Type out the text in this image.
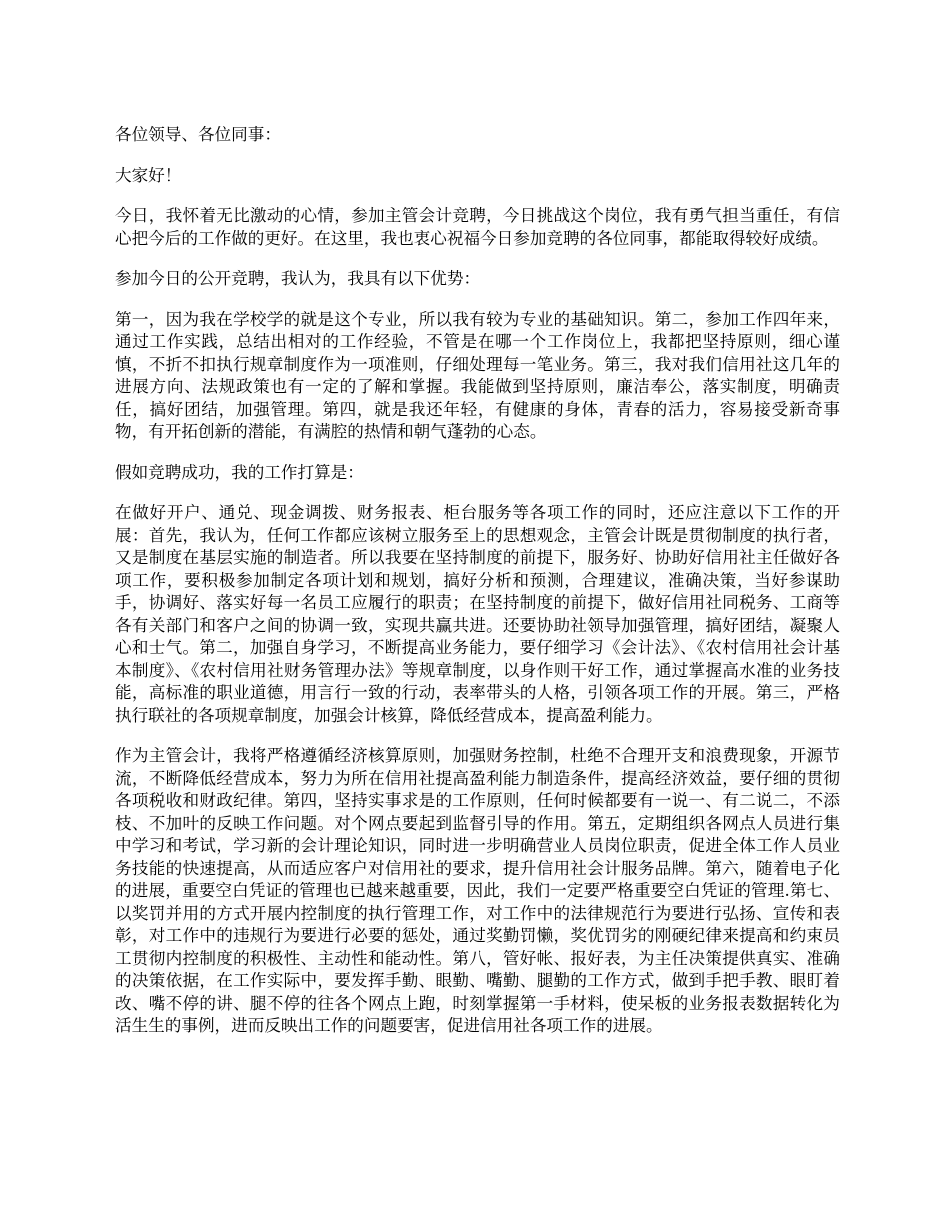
各位领导、各位同事：

大家好！

今日，我怀着无比激动的心情，参加主管会计竞聘，今日挑战这个岗位，我有勇气担当重任，有信心把今后的工作做的更好。在这里，我也衷心祝福今日参加竞聘的各位同事，都能取得较好成绩。

参加今日的公开竞聘，我认为，我具有以下优势：

第一，因为我在学校学的就是这个专业，所以我有较为专业的基础知识。第二，参加工作四年来，通过工作实践，总结出相对的工作经验，不管是在哪一个工作岗位上，我都把坚持原则，细心谨慎，不折不扣执行规章制度作为一项准则，仔细处理每一笔业务。第三，我对我们信用社这几年的进展方向、法规政策也有一定的了解和掌握。我能做到坚持原则，廉洁奉公，落实制度，明确责任，搞好团结，加强管理。第四，就是我还年轻，有健康的身体，青春的活力，容易接受新奇事物，有开拓创新的潜能，有满腔的热情和朝气蓬勃的心态。

假如竞聘成功，我的工作打算是：

在做好开户、通兑、现金调拨、财务报表、柜台服务等各项工作的同时，还应注意以下工作的开展：首先，我认为，任何工作都应该树立服务至上的思想观念，主管会计既是贯彻制度的执行者，又是制度在基层实施的制造者。所以我要在坚持制度的前提下，服务好、协助好信用社主任做好各项工作，要积极参加制定各项计划和规划，搞好分析和预测，合理建议，准确决策，当好参谋助手，协调好、落实好每一名员工应履行的职责；在坚持制度的前提下，做好信用社同税务、工商等各有关部门和客户之间的协调一致，实现共赢共进。还要协助社领导加强管理，搞好团结，凝聚人心和士气。第二，加强自身学习，不断提高业务能力，要仔细学习《会计法》、《农村信用社会计基本制度》、《农村信用社财务管理办法》等规章制度，以身作则干好工作，通过掌握高水准的业务技能，高标准的职业道德，用言行一致的行动，表率带头的人格，引领各项工作的开展。第三，严格执行联社的各项规章制度，加强会计核算，降低经营成本，提高盈利能力。

作为主管会计，我将严格遵循经济核算原则，加强财务控制，杜绝不合理开支和浪费现象，开源节流，不断降低经营成本，努力为所在信用社提高盈利能力制造条件，提高经济效益，要仔细的贯彻各项税收和财政纪律。第四，坚持实事求是的工作原则，任何时候都要有一说一、有二说二，不添枝、不加叶的反映工作问题。对个网点要起到监督引导的作用。第五，定期组织各网点人员进行集中学习和考试，学习新的会计理论知识，同时进一步明确营业人员岗位职责，促进全体工作人员业务技能的快速提高，从而适应客户对信用社的要求，提升信用社会计服务品牌。第六，随着电子化的进展，重要空白凭证的管理也已越来越重要，因此，我们一定要严格重要空白凭证的管理.第七、以奖罚并用的方式开展内控制度的执行管理工作，对工作中的法律规范行为要进行弘扬、宣传和表彰，对工作中的违规行为要进行必要的惩处，通过奖勤罚懒，奖优罚劣的刚硬纪律来提高和约束员工贯彻内控制度的积极性、主动性和能动性。第八，管好帐、报好表，为主任决策提供真实、准确的决策依据，在工作实际中，要发挥手勤、眼勤、嘴勤、腿勤的工作方式，做到手把手教、眼盯着改、嘴不停的讲、腿不停的往各个网点上跑，时刻掌握第一手材料，使呆板的业务报表数据转化为活生生的事例，进而反映出工作的问题要害，促进信用社各项工作的进展。
